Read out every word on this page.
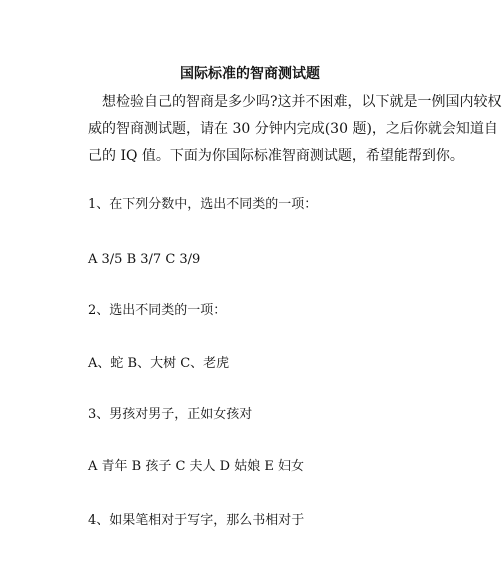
国际标准的智商测试题
　想检验自己的智商是多少吗?这并不困难，以下就是一例国内较权
威的智商测试题，请在 30 分钟内完成(30 题)，之后你就会知道自
己的 IQ 值。下面为你国际标准智商测试题，希望能帮到你。
1、在下列分数中，选出不同类的一项：
A 3/5 B 3/7 C 3/9
2、选出不同类的一项：
A、蛇 B、大树 C、老虎
3、男孩对男子，正如女孩对
A 青年 B 孩子 C 夫人 D 姑娘 E 妇女
4、如果笔相对于写字，那么书相对于
